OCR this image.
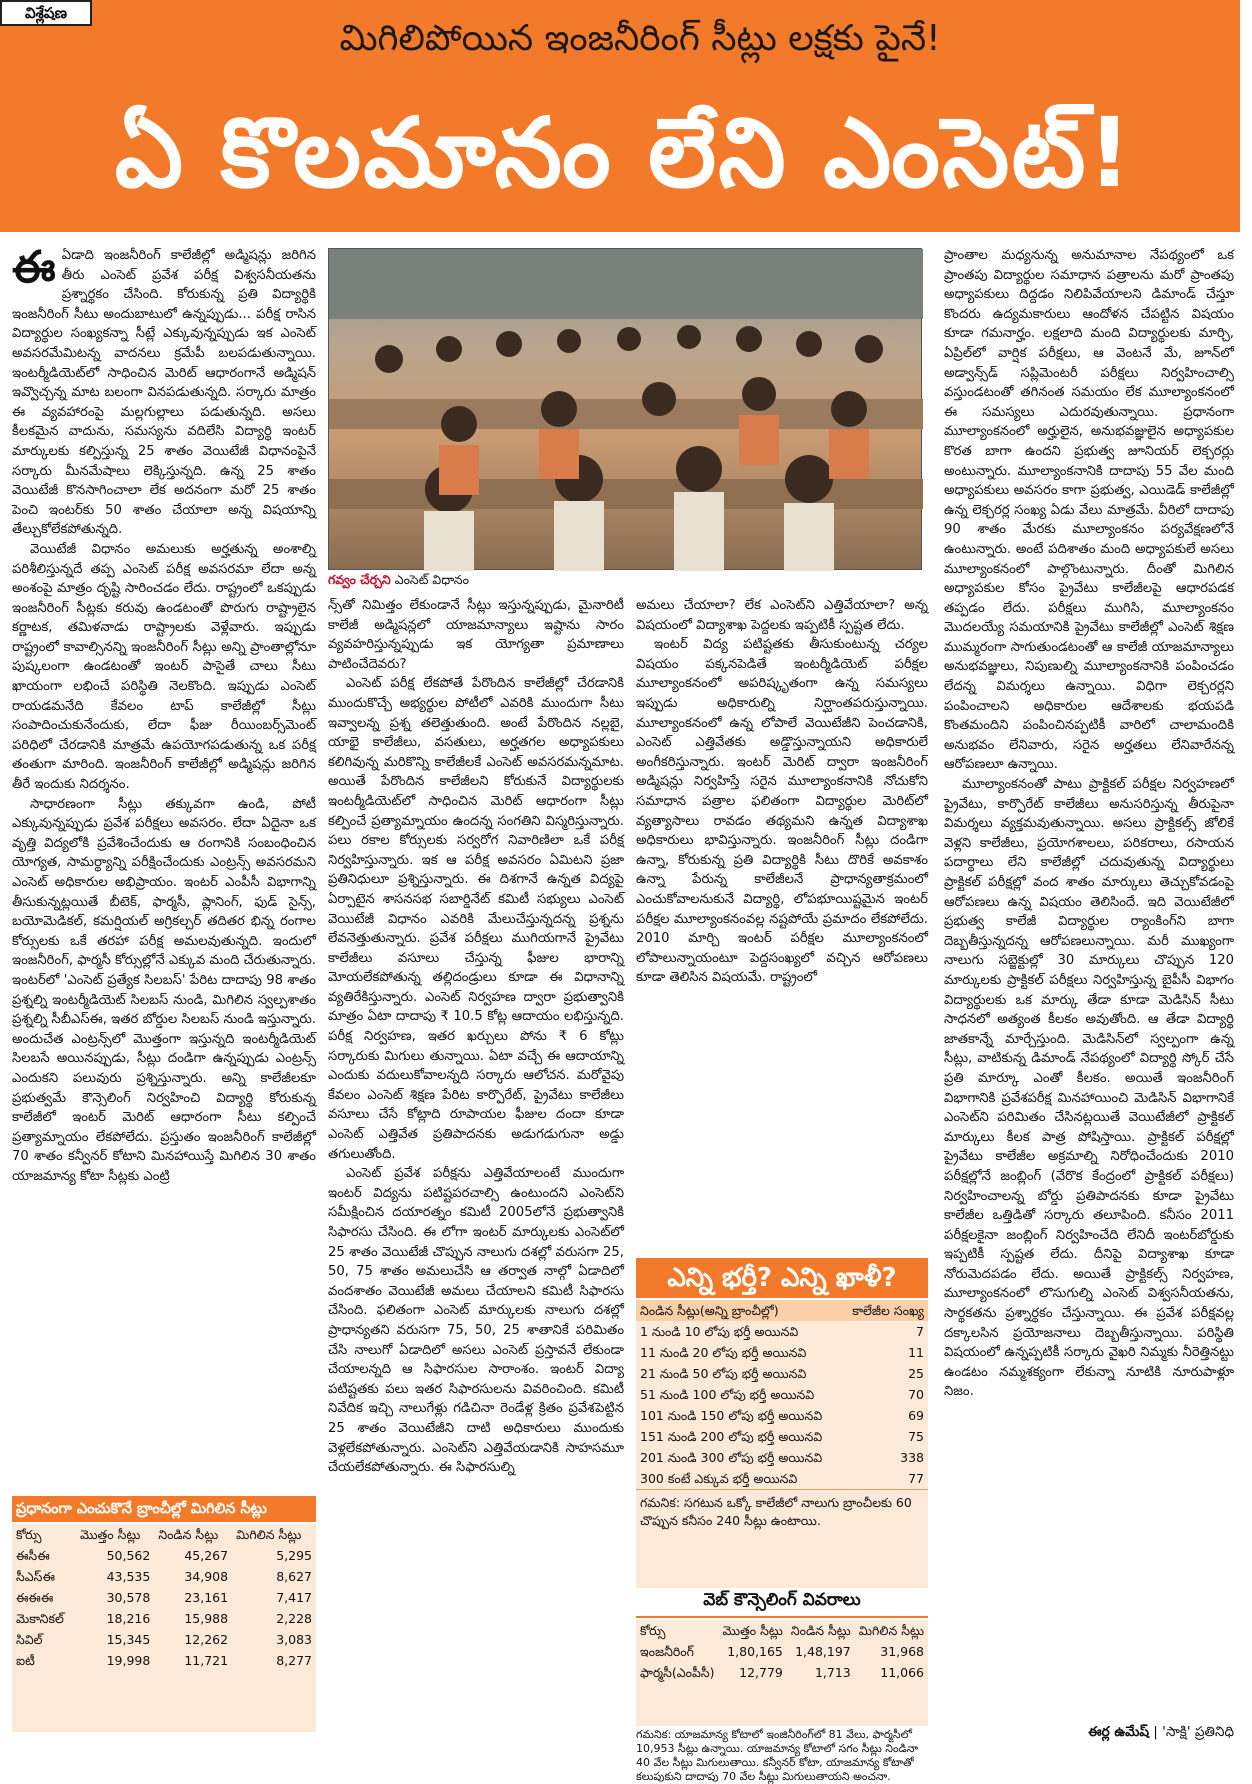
విశ్లేషణ
మిగిలిపోయిన ఇంజనీరింగ్ సీట్లు లక్షకు పైనే!
ఏ కొలమానం లేని ఎంసెట్!

ఈఏడాది ఇంజనీరింగ్ కాలేజీల్లో అడ్మిషన్లు జరిగిన తీరు ఎంసెట్ ప్రవేశ పరీక్ష విశ్వసనీయతను ప్రశ్నార్థకం చేసింది. కోరుకున్న ప్రతి విద్యార్థికి ఇంజనీరింగ్ సీటు అందుబాటులో ఉన్నప్పుడు... పరీక్ష రాసిన విద్యార్థుల సంఖ్యకన్నా సీట్లే ఎక్కువున్నప్పుడు ఇక ఎంసెట్ అవసరమేమిటన్న వాదనలు క్రమేపీ బలపడుతున్నాయి. ఇంటర్మీడియెట్‌లో సాధించిన మెరిట్ ఆధారంగానే అడ్మిషన్ ఇవ్వొచ్చన్న మాట బలంగా వినపడుతున్నది. సర్కారు మాత్రం ఈ వ్యవహారంపై మల్లగుల్లాలు పడుతున్నది. అసలు కీలకమైన వాదును, సమస్యను వదిలేసి విద్యార్థి ఇంటర్ మార్కులకు కల్పిస్తున్న 25 శాతం వెయిటేజీ విధానంపైనే సర్కారు మీనమేషాలు లెక్కిస్తున్నది. ఉన్న 25 శాతం వెయిటేజీ కొనసాగించాలా లేక అదనంగా మరో 25 శాతం పెంచి ఇంటర్‌కు 50 శాతం చేయాలా అన్న విషయాన్ని తేల్చుకోలేకపోతున్నది.

వెయిటేజీ విధానం అమలుకు అర్హతున్న అంశాల్ని పరిశీలిస్తున్నదే తప్ప ఎంసెట్ పరీక్ష అవసరమా లేదా అన్న అంశంపై మాత్రం దృష్టి సారించడం లేదు. రాష్ట్రంలో ఒకప్పుడు ఇంజనీరింగ్ సీట్లకు కరువు ఉండటంతో పొరుగు రాష్ట్రాలైన కర్ణాటక, తమిళనాడు రాష్ట్రాలకు వెళ్లేవారు. ఇప్పుడు రాష్ట్రంలో కావాల్సినన్ని ఇంజనీరింగ్ సీట్లు అన్ని ప్రాంతాల్లోనూ పుష్కలంగా ఉండటంతో ఇంటర్ పాసైతే చాలు సీటు ఖాయంగా లభించే పరిస్థితి నెలకొంది. ఇప్పుడు ఎంసెట్ రాయడమనేది కేవలం టాప్ కాలేజీల్లో సీట్లు సంపాదించుకునేందుకు, లేదా ఫీజు రీయింబర్స్‌మెంట్ పరిధిలో చేరడానికి మాత్రమే ఉపయోగపడుతున్న ఒక పరీక్ష తంతుగా మారింది. ఇంజనీరింగ్ కాలేజీల్లో అడ్మిషన్లు జరిగిన తీరే ఇందుకు నిదర్శనం.

సాధారణంగా సీట్లు తక్కువగా ఉండి, పోటీ ఎక్కువున్నప్పుడు ప్రవేశ పరీక్షలు అవసరం. లేదా ఏదైనా ఒక వృత్తి విద్యలోకి ప్రవేశించేందుకు ఆ రంగానికి సంబంధించిన యోగ్యత, సామర్థ్యాన్ని పరీక్షించేందుకు ఎంట్రన్స్ అవసరమని ఎంసెట్ అధికారుల అభిప్రాయం. ఇంటర్ ఎంపీసీ విభాగాన్ని తీసుకున్నట్లయితే బీటెక్, ఫార్మసీ, ప్లానింగ్, ఫుడ్ సైన్స్, బయోమెడికల్, కమర్షియల్ అగ్రికల్చర్ తదితర భిన్న రంగాల కోర్సులకు ఒకే తరహా పరీక్ష అమలవుతున్నది. ఇందులో ఇంజనీరింగ్, ఫార్మసీ కోర్సుల్లోనే ఎక్కువ మంది చేరుతున్నారు. ఇంటర్‌లో 'ఎంసెట్ ప్రత్యేక సిలబస్' పేరిట దాదాపు 98 శాతం ప్రశ్నల్ని ఇంటర్మీడియెట్ సిలబస్ నుండి, మిగిలిన స్వల్పశాతం ప్రశ్నల్ని సీబీఎస్‌ఈ, ఇతర బోర్డుల సిలబస్ నుండి ఇస్తున్నారు. అందుచేత ఎంట్రన్స్‌లో మొత్తంగా ఇస్తున్నది ఇంటర్మీడియెట్ సిలబసే అయినప్పుడు, సీట్లు దండిగా ఉన్నప్పుడు ఎంట్రన్స్ ఎందుకని పలువురు ప్రశ్నిస్తున్నారు. అన్ని కాలేజీలకూ ప్రభుత్వమే కౌన్సెలింగ్ నిర్వహించి విద్యార్థి కోరుకున్న కాలేజీలో ఇంటర్ మెరిట్ ఆధారంగా సీటు కల్పించే ప్రత్యామ్నాయం లేకపోలేదు. ప్రస్తుతం ఇంజనీరింగ్ కాలేజీల్లో 70 శాతం కన్వీనర్ కోటాని మినహాయిస్తే మిగిలిన 30 శాతం యాజమాన్య కోటా సీట్లకు ఎంట్రి

గవ్వం చేర్చని ఎంసెట్ విధానం

న్స్‌తో నిమిత్తం లేకుండానే సీట్లు ఇస్తున్నప్పుడు, మైనారిటీ కాలేజీ అడ్మిషన్లలో యాజమాన్యాలు ఇష్టాను సారం వ్యవహరిస్తున్నప్పుడు ఇక యోగ్యతా ప్రమాణాలు పాటించేదెవరు?

ఎంసెట్ పరీక్ష లేకపోతే పేరొందిన కాలేజీల్లో చేరడానికి ముందుకొచ్చే అభ్యర్థుల పోటీలో ఎవరికి ముందుగా సీటు ఇవ్వాలన్న ప్రశ్న తలెత్తుతుంది. అంటే పేరొందిన నల్లబై, యాభై కాలేజీలు, వసతులు, అర్హతగల అధ్యాపకులు కలిగివున్న మరికొన్ని కాలేజీలకే ఎంసెట్ అవసరమన్నమాట. అయితే పేరొందిన కాలేజీలని కోరుకునే విద్యార్థులకు ఇంటర్మీడియెట్‌లో సాధించిన మెరిట్ ఆధారంగా సీట్లు కల్పించే ప్రత్యామ్నాయం ఉందన్న సంగతిని విస్మరిస్తున్నారు. పలు రకాల కోర్సులకు సర్వరోగ నివారిణిలా ఒకే పరీక్ష నిర్వహిస్తున్నారు. ఇక ఆ పరీక్ష అవసరం ఏమిటని ప్రజా ప్రతినిధులూ ప్రశ్నిస్తున్నారు. ఈ దిశగానే ఉన్నత విద్యపై ఏర్పాటైన శాసనసభ సబార్డినేట్ కమిటీ సభ్యులు ఎంసెట్ వెయిటేజీ విధానం ఎవరికి మేలుచేస్తున్నదన్న ప్రశ్నను లేవనెత్తుతున్నారు. ప్రవేశ పరీక్షలు ముగియగానే ప్రైవేటు కాలేజీలు వసూలు చేస్తున్న ఫీజుల భారాన్ని మోయలేకపోతున్న తల్లిదండ్రులు కూడా ఈ విధానాన్ని వ్యతిరేకిస్తున్నారు. ఎంసెట్ నిర్వహణ ద్వారా ప్రభుత్వానికి మాత్రం ఏటా దాదాపు ₹ 10.5 కోట్ల ఆదాయం లభిస్తున్నది. పరీక్ష నిర్వహణ, ఇతర ఖర్చులు పోను ₹ 6 కోట్లు సర్కారుకు మిగులు తున్నాయి. ఏటా వచ్చే ఈ ఆదాయాన్ని ఎందుకు వదులుకోవాలన్నది సర్కారు ఆలోచన. మరోవైపు కేవలం ఎంసెట్ శిక్షణ పేరిట కార్పొరేట్, ప్రైవేటు కాలేజీలు వసూలు చేసే కోట్లాది రూపాయల ఫీజుల దందా కూడా ఎంసెట్ ఎత్తివేత ప్రతిపాదనకు అడుగడుగునా అడ్డు తగులుతోంది.

ఎంసెట్ ప్రవేశ పరీక్షను ఎత్తివేయాలంటే ముందుగా ఇంటర్ విద్యను పటిష్టపరచాల్సి ఉంటుందని ఎంసెట్‌ని సమీక్షించిన దయారత్నం కమిటీ 2005లోనే ప్రభుత్వానికి సిఫారసు చేసింది. ఈ లోగా ఇంటర్ మార్కులకు ఎంసెట్‌లో 25 శాతం వెయిటేజీ చొప్పున నాలుగు దశల్లో వరుసగా 25, 50, 75 శాతం అమలుచేసి ఆ తర్వాత నాల్గో ఏడాదిలో వందశాతం వెయిటేజీ అమలు చేయాలని కమిటీ సిఫారసు చేసింది. ఫలితంగా ఎంసెట్ మార్కులకు నాలుగు దశల్లో ప్రాధాన్యతని వరుసగా 75, 50, 25 శాతానికే పరిమితం చేసి నాలుగో ఏడాదిలో అసలు ఎంసెట్ ప్రస్తావనే లేకుండా చేయాలన్నది ఆ సిఫారసుల సారాంశం. ఇంటర్ విద్యా పటిష్టతకు పలు ఇతర సిఫారసులను వివరించింది. కమిటీ నివేదిక ఇచ్చి నాలుగేళ్లు గడిచినా రెండేళ్ల క్రితం ప్రవేశపెట్టిన 25 శాతం వెయిటేజీని దాటి అధికారులు ముందుకు వెళ్లలేకపోతున్నారు. ఎంసెట్‌ని ఎత్తివేయడానికి సాహసమూ చేయలేకపోతున్నారు. ఈ సిఫారసుల్ని

అమలు చేయాలా? లేక ఎంసెట్‌ని ఎత్తివేయాలా? అన్న విషయంలో విద్యాశాఖ పెద్దలకు ఇప్పటికీ స్పష్టత లేదు.

ఇంటర్ విద్య పటిష్టతకు తీసుకుంటున్న చర్యల విషయం పక్కనపెడితే ఇంటర్మీడియెట్ పరీక్షల మూల్యాంకనంలో అపరిష్కృతంగా ఉన్న సమస్యలు ఇప్పుడు అధికారుల్ని నిర్ఘాంతపరుస్తున్నాయి. మూల్యాంకనంలో ఉన్న లోపాలే వెయిటేజీని పెంచడానికి, ఎంసెట్ ఎత్తివేతకు అడ్డొస్తున్నాయని అధికారులే అంగీకరిస్తున్నారు. ఇంటర్ మెరిట్ ద్వారా ఇంజనీరింగ్ అడ్మిషన్లు నిర్వహిస్తే సరైన మూల్యాంకనానికి నోచుకోని సమాధాన పత్రాల ఫలితంగా విద్యార్థుల మెరిట్‌లో వ్యత్యాసాలు రావడం తథ్యమని ఉన్నత విద్యాశాఖ అధికారులు భావిస్తున్నారు. ఇంజనీరింగ్ సీట్లు దండిగా ఉన్నా, కోరుకున్న ప్రతి విద్యార్థికి సీటు దొరికే అవకాశం ఉన్నా పేరున్న కాలేజీలనే ప్రాధాన్యతాక్రమంలో ఎంచుకోవాలనుకునే విద్యార్థి, లోపభూయిష్టమైన ఇంటర్ పరీక్షల మూల్యాంకనంవల్ల నష్టపోయే ప్రమాదం లేకపోలేదు. 2010 మార్చి ఇంటర్ పరీక్షల మూల్యాంకనంలో లోపాలున్నాయంటూ పెద్దసంఖ్యలో వచ్చిన ఆరోపణలు కూడా తెలిసిన విషయమే. రాష్ట్రంలో

ఎన్ని భర్తీ? ఎన్ని ఖాళీ?
నిండిన సీట్లు(అన్ని బ్రాంచీల్లో)	కాలేజీల సంఖ్య
1 నుండి 10 లోపు భర్తీ అయినవి	7
11 నుండి 20 లోపు భర్తీ అయినవి	11
21 నుండి 50 లోపు భర్తీ అయినవి	25
51 నుండి 100 లోపు భర్తీ అయినవి	70
101 నుండి 150 లోపు భర్తీ అయినవి	69
151 నుండి 200 లోపు భర్తీ అయినవి	75
201 నుండి 300 లోపు భర్తీ అయినవి	338
300 కంటే ఎక్కువ భర్తీ అయినవి	77
గమనిక: సగటున ఒక్కో కాలేజీలో నాలుగు బ్రాంచీలకు 60 చొప్పున కనీసం 240 సీట్లు ఉంటాయి.
వెబ్ కౌన్సెలింగ్ వివరాలు
కోర్సు	మొత్తం సీట్లు	నిండిన సీట్లు	మిగిలిన సీట్లు
ఇంజనీరింగ్	1,80,165	1,48,197	31,968
ఫార్మసీ(ఎంపీసీ)	12,779	1,713	11,066
గమనిక: యాజమాన్య కోటాలో ఇంజినీరింగ్‌లో 81 వేలు, ఫార్మసీలో 10,953 సీట్లు ఉన్నాయి. యాజమాన్య కోటాలో సగం సీట్లు నిండినా 40 వేల సీట్లు మిగులుతాయి. కన్వీనర్ కోటా, యాజమాన్య కోటాతో కలుపుకుని దాదాపు 70 వేల సీట్లు మిగులుతాయని అంచనా.

ప్రాంతాల మధ్యనున్న అనుమానాల నేపథ్యంలో ఒక ప్రాంతపు విద్యార్థుల సమాధాన పత్రాలను మరో ప్రాంతపు అధ్యాపకులు దిద్దడం నిలిపివేయాలని డిమాండ్ చేస్తూ కొందరు ఉద్యమకారులు ఆందోళన చేపట్టిన విషయం కూడా గమనార్హం. లక్షలాది మంది విద్యార్థులకు మార్చి, ఏప్రిల్‌లో వార్షిక పరీక్షలు, ఆ వెంటనే మే, జూన్‌లో అడ్వాన్స్‌డ్ సప్లిమెంటరీ పరీక్షలు నిర్వహించాల్సి వస్తుండటంతో తగినంత సమయం లేక మూల్యాంకనంలో ఈ సమస్యలు ఎదురవుతున్నాయి. ప్రధానంగా మూల్యాంకనంలో అర్హులైన, అనుభవజ్ఞులైన అధ్యాపకుల కొరత బాగా ఉందని ప్రభుత్వ జూనియర్ లెక్చరర్లు అంటున్నారు. మూల్యాంకనానికి దాదాపు 55 వేల మంది అధ్యాపకులు అవసరం కాగా ప్రభుత్వ, ఎయిడెడ్ కాలేజీల్లో ఉన్న లెక్చరర్ల సంఖ్య ఏడు వేలు మాత్రమే. వీరిలో దాదాపు 90 శాతం మేరకు మూల్యాంకనం పర్యవేక్షణలోనే ఉంటున్నారు. అంటే పదిశాతం మంది అధ్యాపకులే అసలు మూల్యాంకనంలో పాల్గొంటున్నారు. దీంతో మిగిలిన అధ్యాపకుల కోసం ప్రైవేటు కాలేజీలపై ఆధారపడక తప్పడం లేదు. పరీక్షలు ముగిసి, మూల్యాంకనం మొదలయ్యే సమయానికి ప్రైవేటు కాలేజీల్లో ఎంసెట్ శిక్షణ ముమ్మరంగా సాగుతుండటంతో ఆ కాలేజీ యాజమాన్యాలు అనుభవజ్ఞులు, నిపుణుల్ని మూల్యాంకనానికి పంపించడం లేదన్న విమర్శలు ఉన్నాయి. విధిగా లెక్చరర్లని పంపించాలని అధికారుల ఆదేశాలకు భయపడి కొంతమందిని పంపించినప్పటికీ వారిలో చాలామందికి అనుభవం లేనివారు, సరైన అర్హతలు లేనివారేనన్న ఆరోపణలూ ఉన్నాయి.

మూల్యాంకనంతో పాటు ప్రాక్టికల్ పరీక్షల నిర్వహణలో ప్రైవేటు, కార్పొరేట్ కాలేజీలు అనుసరిస్తున్న తీరుపైనా విమర్శలు వ్యక్తమవుతున్నాయి. అసలు ప్రాక్టికల్స్ జోలికే వెళ్లని కాలేజీలు, ప్రయోగశాలలు, పరికరాలు, రసాయన పదార్థాలు లేని కాలేజీల్లో చదువుతున్న విద్యార్థులు ప్రాక్టికల్ పరీక్షల్లో వంద శాతం మార్కులు తెచ్చుకోవడంపై ఆరోపణలు ఉన్న విషయం తెలిసిందే. ఇది వెయిటేజీలో ప్రభుత్వ కాలేజీ విద్యార్థుల ర్యాంకింగ్‌ని బాగా దెబ్బతీస్తున్నదన్న ఆరోపణలున్నాయి. మరీ ముఖ్యంగా నాలుగు సబ్జెక్టుల్లో 30 మార్కులు చొప్పున 120 మార్కులకు ప్రాక్టికల్ పరీక్షలు నిర్వహిస్తున్న బైపీసీ విభాగం విద్యార్థులకు ఒక మార్కు తేడా కూడా మెడిసిన్ సీటు సాధనలో అత్యంత కీలకం అవుతోంది. ఆ తేడా విద్యార్థి జాతకాన్నే మార్చేస్తుంది. మెడిసిన్‌లో స్వల్పంగా ఉన్న సీట్లు, వాటికున్న డిమాండ్ నేపథ్యంలో విద్యార్థి స్కోర్ చేసే ప్రతి మార్కూ ఎంతో కీలకం. అయితే ఇంజనీరింగ్ విభాగానికి ప్రవేశపరీక్ష మినహాయించి మెడిసిన్ విభాగానికే ఎంసెట్‌ని పరిమితం చేసినట్లయితే వెయిటేజీలో ప్రాక్టికల్ మార్కులు కీలక పాత్ర పోషిస్తాయి. ప్రాక్టికల్ పరీక్షల్లో ప్రైవేటు కాలేజీల అక్రమాల్ని నిరోధించేందుకు 2010 పరీక్షల్లోనే జంబ్లింగ్ (వేరొక కేంద్రంలో ప్రాక్టికల్ పరీక్షలు) నిర్వహించాలన్న బోర్డు ప్రతిపాదనకు కూడా ప్రైవేటు కాలేజీల ఒత్తిడితో సర్కారు తలూపింది. కనీసం 2011 పరీక్షలకైనా జంబ్లింగ్ నిర్వహించేది లేనిదీ ఇంటర్‌బోర్డుకు ఇప్పటికీ స్పష్టత లేదు. దీనిపై విద్యాశాఖ కూడా నోరుమెదపడం లేదు. అయితే ప్రాక్టికల్స్ నిర్వహణ, మూల్యాంకనంలో లొసుగుల్ని ఎంసెట్ విశ్వసనీయతను, సార్థకతను ప్రశ్నార్థకం చేస్తున్నాయి. ఈ ప్రవేశ పరీక్షవల్ల దక్కాలసిన ప్రయోజనాలు దెబ్బతీస్తున్నాయి. పరిస్థితి విషయంలో ఉన్నప్పటికీ సర్కారు వైఖరి నిమ్మకు నీరెత్తినట్టు ఉండటం నమ్మశక్యంగా లేకున్నా నూటికి నూరుపాళ్లూ నిజం.

ఈర్ల ఉమేష్ | 'సాక్షి' ప్రతినిధి
ప్రధానంగా ఎంచుకొనే బ్రాంచీల్లో మిగిలిన సీట్లు
కోర్సు	మొత్తం సీట్లు	నిండిన సీట్లు	మిగిలిన సీట్లు
ఈసీఈ	50,562	45,267	5,295
సీఎస్ఈ	43,535	34,908	8,627
ఈఈఈ	30,578	23,161	7,417
మెకానికల్	18,216	15,988	2,228
సివిల్	15,345	12,262	3,083
ఐటీ	19,998	11,721	8,277
